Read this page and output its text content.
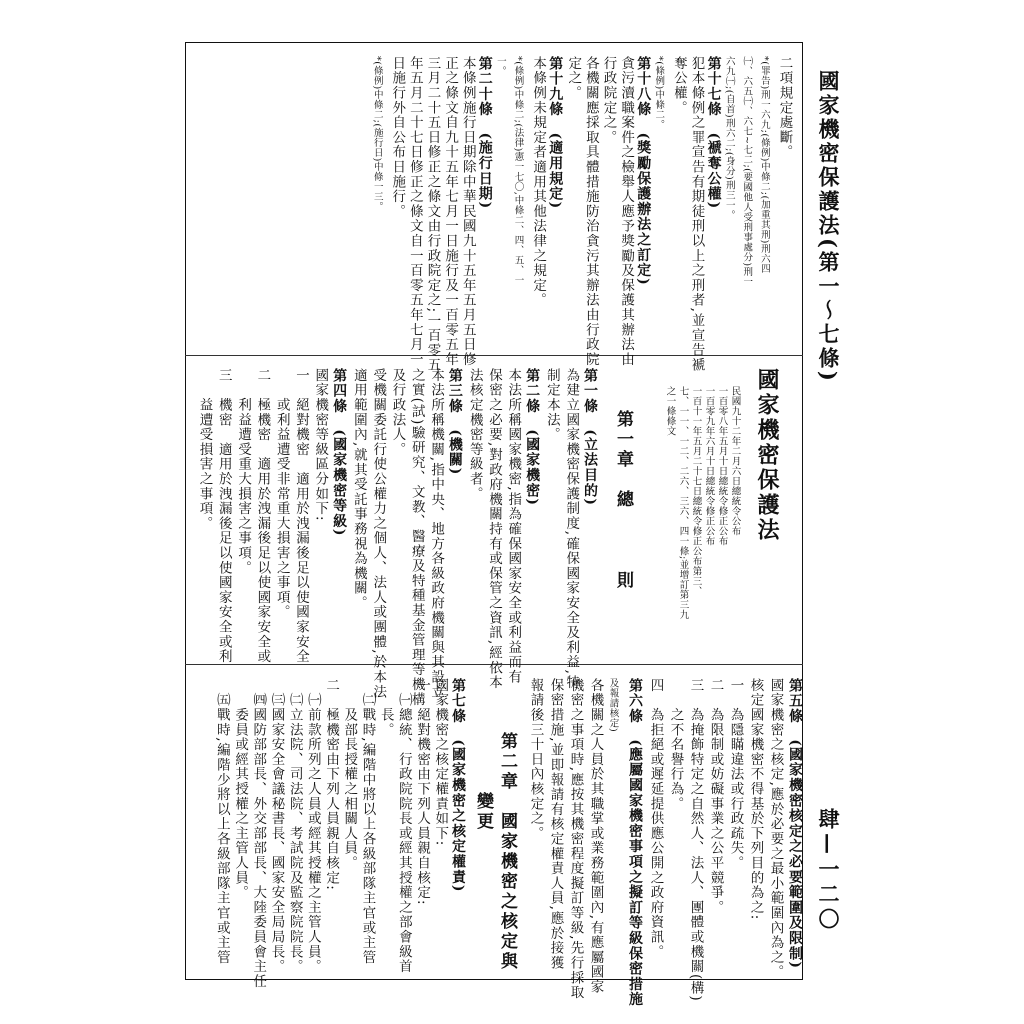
國家機密保護法(第一～七條)
肆—一二〇
二項規定處斷。
*(罪告)刑一六九;(條例)中條二;(加重其刑)刑六四
㈠、六五㈠、六七~七二;(要國他人受刑事處分)刑一
六九㈠;(自首)刑六二;(身分)刑三一。
第十七條　(褫奪公權)
犯本條例之罪宣告有期徒刑以上之刑者,並宣告褫
奪公權。
*(條例)中條二。
第十八條　(獎勵保護辦法之訂定)
貪污瀆職案件之檢舉人應予獎勵及保護其辦法由
行政院定之。
各機關應採取具體措施防治貪污其辦法由行政院
定之。
第十九條　(適用規定)
本條例未規定者適用其他法律之規定。
*(條例)中條二;(法律)憲一七〇,中條二、四、五、一
一。
第二十條　(施行日期)
本條例施行日期除中華民國九十五年五月五日修
正之條文自九十五年七月一日施行及一百零五年
三月二十五日修正之條文由行政院定之;一百零五
年五月二十七日修正之條文自一百零五年七月一
日施行外自公布日施行。
*(條例)中條二;(施行日)中條一三。
國家機密保護法
民國九十二年二月六日總統令公布
一百零八年五月十日總統令修正公布
一百零九年六月十日總統令修正公布
一百十一年五月二十七日總統令修正公布第三、
七、一一、一二、二六、三六、四一條;並增訂第三九
之一條條文
第一章
總　　則
第一條　(立法目的)
為建立國家機密保護制度,確保國家安全及利益,特
制定本法。
第二條　(國家機密)
本法所稱國家機密,指為確保國家安全或利益而有
保密之必要,對政府機關持有或保管之資訊,經依本
法核定機密等級者。
第三條　(機關)
本法所稱機關,指中央、地方各級政府機關與其設立
之實(試)驗研究、文教、醫療及特種基金管理等機構
及行政法人。
受機關委託行使公權力之個人、法人或團體,於本法
適用範圍內,就其受託事務視為機關。
第四條　(國家機密等級)
國家機密等級區分如下:
一　絕對機密　適用於洩漏後足以使國家安全
　　或利益遭受非常重大損害之事項。
二　極機密　適用於洩漏後足以使國家安全或
　　利益遭受重大損害之事項。
三　機密　適用於洩漏後足以使國家安全或利
　　益遭受損害之事項。
第五條　(國家機密核定之必要範圍及限制)
國家機密之核定,應於必要之最小範圍內為之。
核定國家機密不得基於下列目的為之:
一　為隱瞞違法或行政疏失。
二　為限制或妨礙事業之公平競爭。
三　為掩飾特定之自然人、法人、團體或機關(構)
　　之不名譽行為。
四　為拒絕或遲延提供應公開之政府資訊。
第六條　(應屬國家機密事項之擬訂等級保密措施
及報請核定)
各機關之人員於其職掌或業務範圍內,有應屬國家
機密之事項時,應按其機密程度擬訂等級,先行採取
保密措施,並即報請有核定權責人員,應於接獲
報請後三十日內核定之。
第二章　國家機密之核定與
變更
第七條　(國家機密之核定權責)
國家機密之核定權責如下:
一　絕對機密由下列人員親自核定:
　㈠總統、行政院院長或經其授權之部會級首
　　長。
　㈡戰時,編階中將以上各級部隊主官或主管
　　及部長授權之相關人員。
二　極機密由下列人員親自核定:
　㈠前款所列之人員或經其授權之主管人員。
　㈡立法院、司法院、考試院及監察院院長。
　㈢國家安全會議秘書長、國家安全局局長。
　㈣國防部部長、外交部部長、大陸委員會主任
　　委員或經其授權之主管人員。
　㈤戰時,編階少將以上各級部隊主官或主管
